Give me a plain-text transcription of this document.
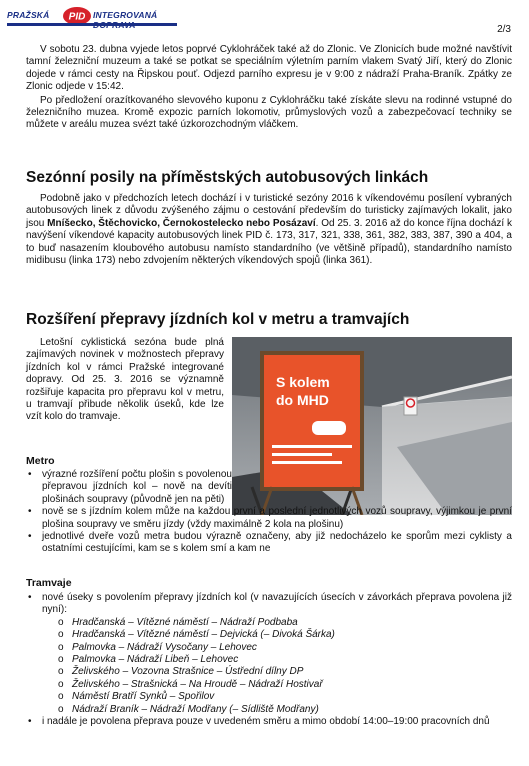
PRAŽSKÁ PID INTEGROVANÁ
2/3

V sobotu 23. dubna vyjede letos poprvé Cyklohráček také až do Zlonic. Ve Zlonicích bude možné navštívit tamní železniční muzeum a také se potkat se speciálním výletním parním vlakem Svatý Jiří, který do Zlonic dojede v rámci cesty na Řipskou pouť. Odjezd parního expresu je v 9:00 z nádraží Praha-Braník. Zpátky ze Zlonic odjede v 15:42.

Po předložení orazítkovaného slevového kuponu z Cyklohráčku také získáte slevu na rodinné vstupné do železničního muzea. Kromě expozic parních lokomotiv, průmyslových vozů a zabezpečovací techniky se můžete v areálu muzea svézt také úzkorozchodným vláčkem.

Sezónní posily na příměstských autobusových linkách

Podobně jako v předchozích letech dochází i v turistické sezóny 2016 k víkendovému posílení vybraných autobusových linek z důvodu zvýšeného zájmu o cestování především do turisticky zajímavých lokalit, jako jsou Mníšecko, Štěchovicko, Černokostelecko nebo Posázaví. Od 25. 3. 2016 až do konce října dochází k navýšení víkendové kapacity autobusových linek PID č. 173, 317, 321, 338, 361, 382, 383, 387, 390 a 404, a to buď nasazením kloubového autobusu namísto standardního (ve většině případů), standardního namísto midibusu (linka 173) nebo zdvojením některých víkendových spojů (linka 361).

Rozšíření přepravy jízdních kol v metru a tramvajích

Letošní cyklistická sezóna bude plná zajímavých novinek v možnostech přepravy jízdních kol v rámci Pražské integrované dopravy. Od 25. 3. 2016 se významně rozšiřuje kapacita pro přepravu kol v metru, u tramvají přibude několik úseků, kde lze vzít kolo do tramvaje.

S kolem
do MHD
Metro
• výrazné rozšíření počtu plošin s povolenou přepravou jízdních kol – nově na devíti plošinách soupravy (původně jen na pěti)
• nově se s jízdním kolem může na každou první a poslední jednotlivých vozů soupravy, výjimkou je první plošina soupravy ve směru jízdy (vždy maximálně 2 kola na plošinu)
• jednotlivé dveře vozů metra budou výrazně označeny, aby již nedocházelo ke sporům mezi cyklisty a ostatními cestujícími, kam se s kolem smí a kam ne
Tramvaje
• nové úseky s povolením přepravy jízdních kol (v navazujících úsecích v závorkách přeprava povolena již nyní):
o Hradčanská – Vítězné náměstí – Nádraží Podbaba
o Hradčanská – Vítězné náměstí – Dejvická (– Divoká Šárka)
o Palmovka – Nádraží Vysočany – Lehovec
o Palmovka – Nádraží Libeň – Lehovec
o Želivského – Vozovna Strašnice – Ústřední dílny DP
o Želivského – Strašnická – Na Hroudě – Nádraží Hostivař
o Náměstí Bratří Synků – Spořilov
o Nádraží Braník – Nádraží Modřany (– Sídliště Modřany)
• i nadále je povolena přeprava pouze v uvedeném směru a mimo období 14:00–19:00 pracovních dnů
